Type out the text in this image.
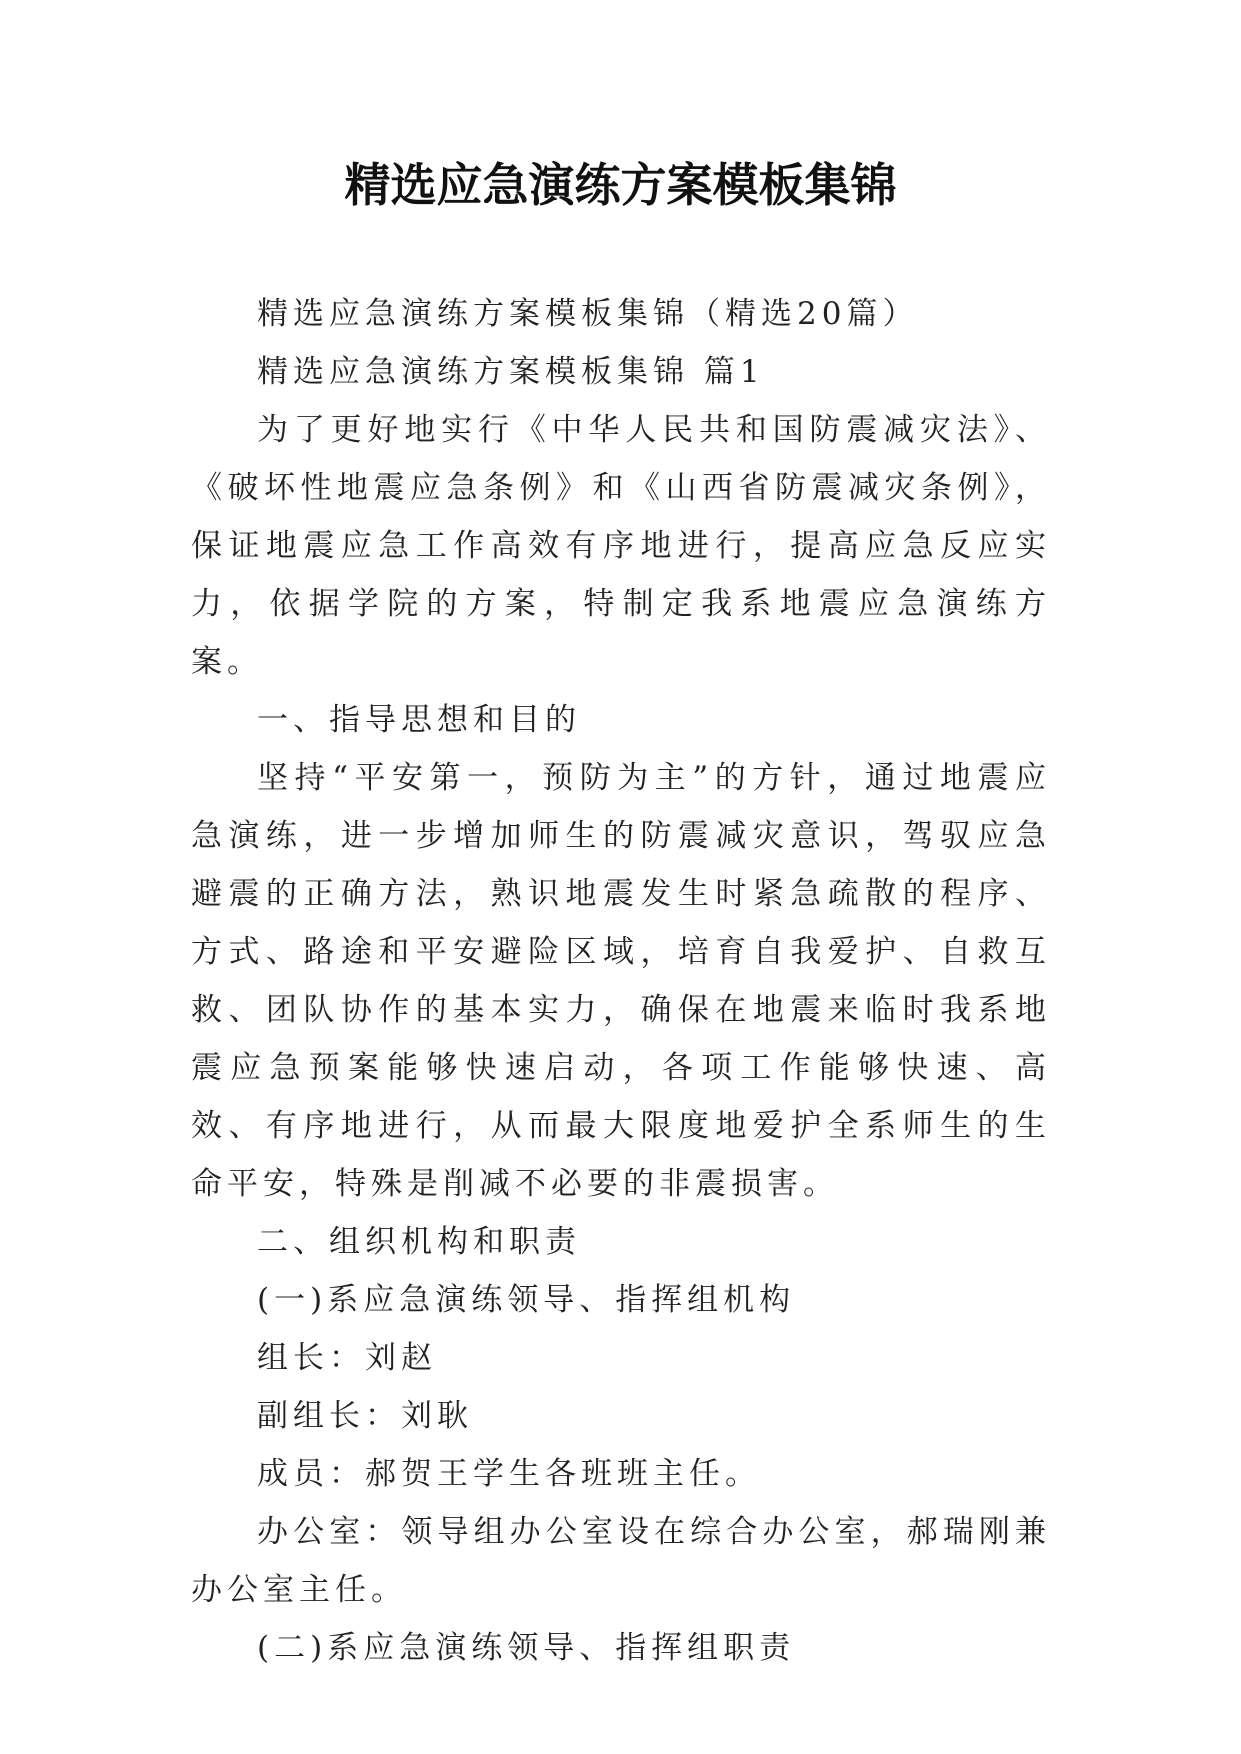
精选应急演练方案模板集锦

精选应急演练方案模板集锦（精选20篇）

精选应急演练方案模板集锦 篇1

为了更好地实行《中华人民共和国防震减灾法》、《破坏性地震应急条例》和《山西省防震减灾条例》，保证地震应急工作高效有序地进行，提高应急反应实力，依据学院的方案，特制定我系地震应急演练方案。

一、指导思想和目的

坚持“平安第一，预防为主”的方针，通过地震应急演练，进一步增加师生的防震减灾意识，驾驭应急避震的正确方法，熟识地震发生时紧急疏散的程序、方式、路途和平安避险区域，培育自我爱护、自救互救、团队协作的基本实力，确保在地震来临时我系地震应急预案能够快速启动，各项工作能够快速、高效、有序地进行，从而最大限度地爱护全系师生的生命平安，特殊是削减不必要的非震损害。

二、组织机构和职责

(一)系应急演练领导、指挥组机构

组长：刘赵

副组长：刘耿

成员：郝贺王学生各班班主任。

办公室：领导组办公室设在综合办公室，郝瑞刚兼办公室主任。

(二)系应急演练领导、指挥组职责
